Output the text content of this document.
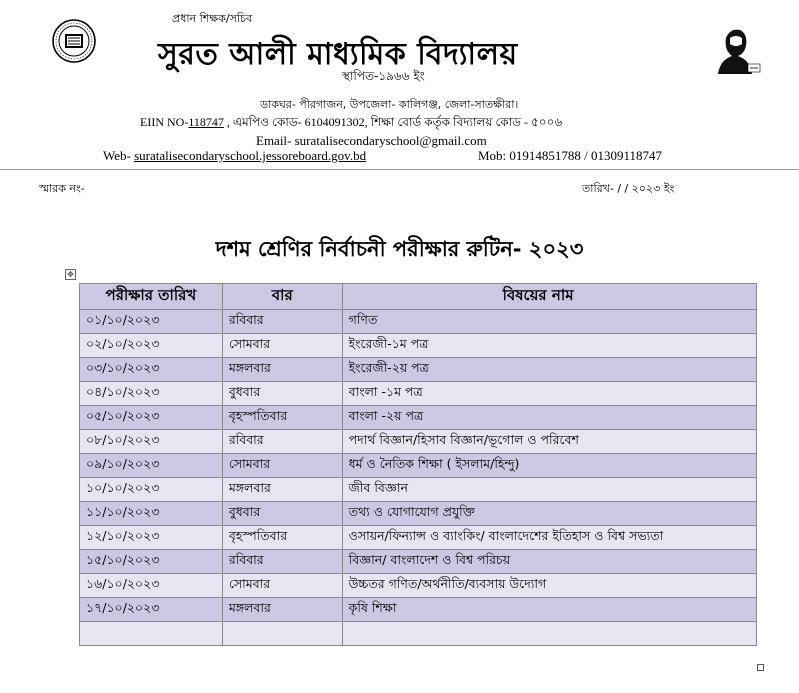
প্রধান শিক্ষক/সচিব
সুরত আলী মাধ্যমিক বিদ্যালয়
স্থাপিত-১৯৬৬ ইং
ডাকঘর- পীরগাজন, উপজেলা- কালিগঞ্জ, জেলা-সাতক্ষীরা।
EIIN NO-118747 , এমপিও কোড- 6104091302, শিক্ষা বোর্ড কর্তৃক বিদ্যালয় কোড - ৫০০৬
Email- suratalisecondaryschool@gmail.com
Web- suratalisecondaryschool.jessoreboard.gov.bd	Mob: 01914851788 / 01309118747
স্মারক নং-	তারিখ- / / ২০২৩ ইং
দশম শ্রেণির নির্বাচনী পরীক্ষার রুটিন- ২০২৩
✥
পরীক্ষার তারিখ	বার	বিষয়ের নাম
০১/১০/২০২৩	রবিবার	গণিত
০২/১০/২০২৩	সোমবার	ইংরেজী-১ম পত্র
০৩/১০/২০২৩	মঙ্গলবার	ইংরেজী-২য় পত্র
০৪/১০/২০২৩	বুধবার	বাংলা -১ম পত্র
০৫/১০/২০২৩	বৃহস্পতিবার	বাংলা -২য় পত্র
০৮/১০/২০২৩	রবিবার	পদার্থ বিজ্ঞান/হিসাব বিজ্ঞান/ভূগোল ও পরিবেশ
০৯/১০/২০২৩	সোমবার	ধর্ম ও নৈতিক শিক্ষা ( ইসলাম/হিন্দু)
১০/১০/২০২৩	মঙ্গলবার	জীব বিজ্ঞান
১১/১০/২০২৩	বুধবার	তথ্য ও যোগাযোগ প্রযুক্তি
১২/১০/২০২৩	বৃহস্পতিবার	ওসায়ন/ফিন্যান্স ও ব্যাংকিং/ বাংলাদেশের ইতিহাস ও বিশ্ব সভ্যতা
১৫/১০/২০২৩	রবিবার	বিজ্ঞান/ বাংলাদেশ ও বিশ্ব পরিচয়
১৬/১০/২০২৩	সোমবার	উচ্চতর গণিত/অর্থনীতি/ব্যবসায় উদ্যোগ
১৭/১০/২০২৩	মঙ্গলবার	কৃষি শিক্ষা
